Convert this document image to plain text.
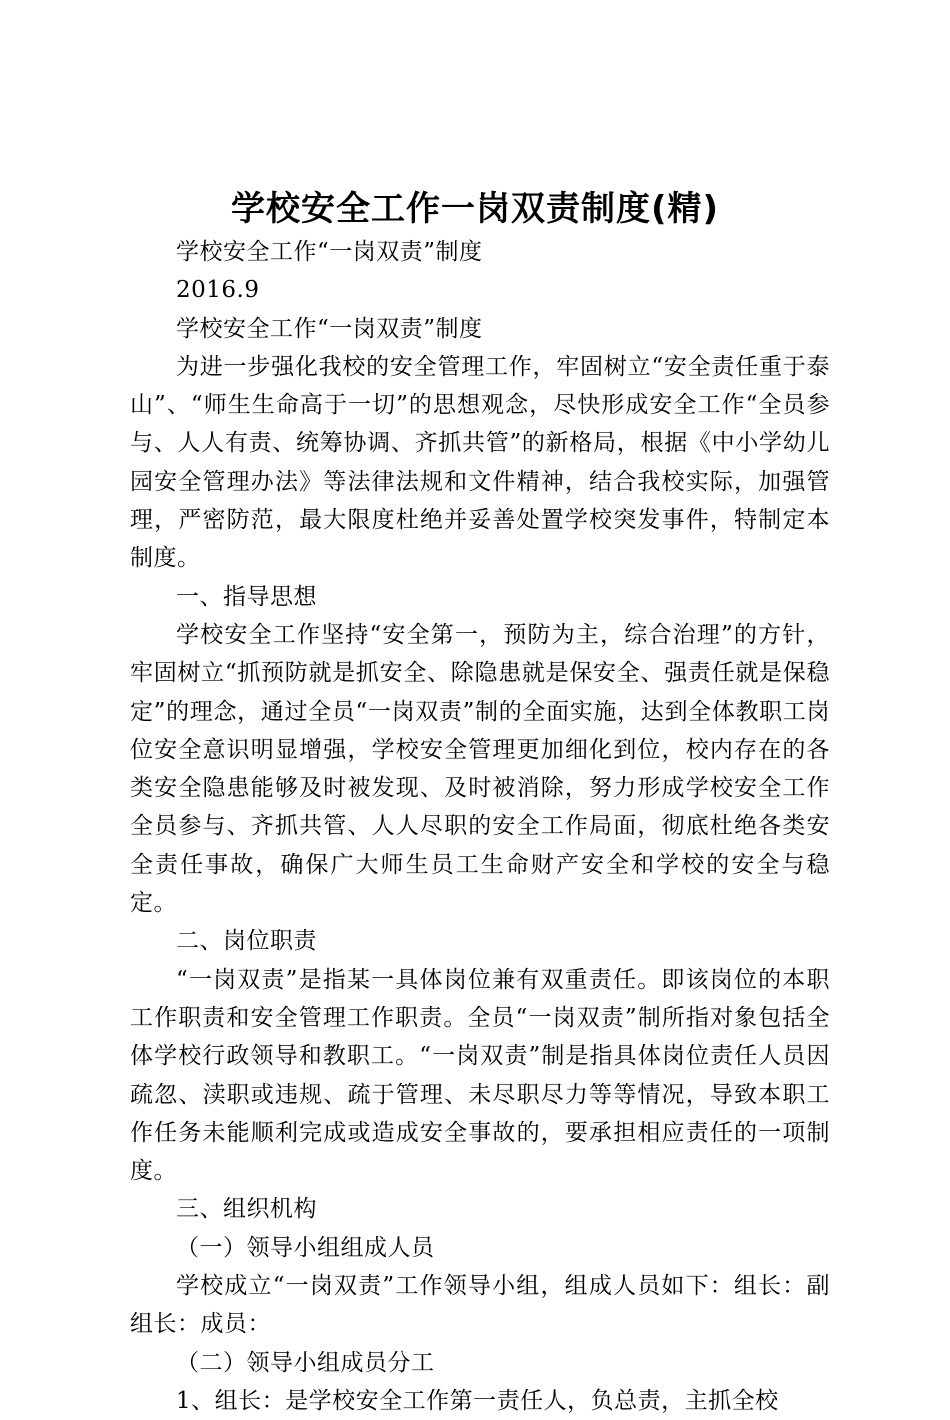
学校安全工作一岗双责制度(精)

学校安全工作“一岗双责”制度

2016.9

学校安全工作“一岗双责”制度

为进一步强化我校的安全管理工作，牢固树立“安全责任重于泰山”、“师生生命高于一切”的思想观念，尽快形成安全工作“全员参与、人人有责、统筹协调、齐抓共管”的新格局，根据《中小学幼儿园安全管理办法》等法律法规和文件精神，结合我校实际，加强管理，严密防范，最大限度杜绝并妥善处置学校突发事件，特制定本制度。

一、指导思想

学校安全工作坚持“安全第一，预防为主，综合治理”的方针，牢固树立“抓预防就是抓安全、除隐患就是保安全、强责任就是保稳定”的理念，通过全员“一岗双责”制的全面实施，达到全体教职工岗位安全意识明显增强，学校安全管理更加细化到位，校内存在的各类安全隐患能够及时被发现、及时被消除，努力形成学校安全工作全员参与、齐抓共管、人人尽职的安全工作局面，彻底杜绝各类安全责任事故，确保广大师生员工生命财产安全和学校的安全与稳定。

二、岗位职责

“一岗双责”是指某一具体岗位兼有双重责任。即该岗位的本职工作职责和安全管理工作职责。全员“一岗双责”制所指对象包括全体学校行政领导和教职工。“一岗双责”制是指具体岗位责任人员因疏忽、渎职或违规、疏于管理、未尽职尽力等等情况，导致本职工作任务未能顺利完成或造成安全事故的，要承担相应责任的一项制度。

三、组织机构

（一）领导小组组成人员

学校成立“一岗双责”工作领导小组，组成人员如下：组长：副组长：成员：

（二）领导小组成员分工

1、组长：是学校安全工作第一责任人，负总责，主抓全校
